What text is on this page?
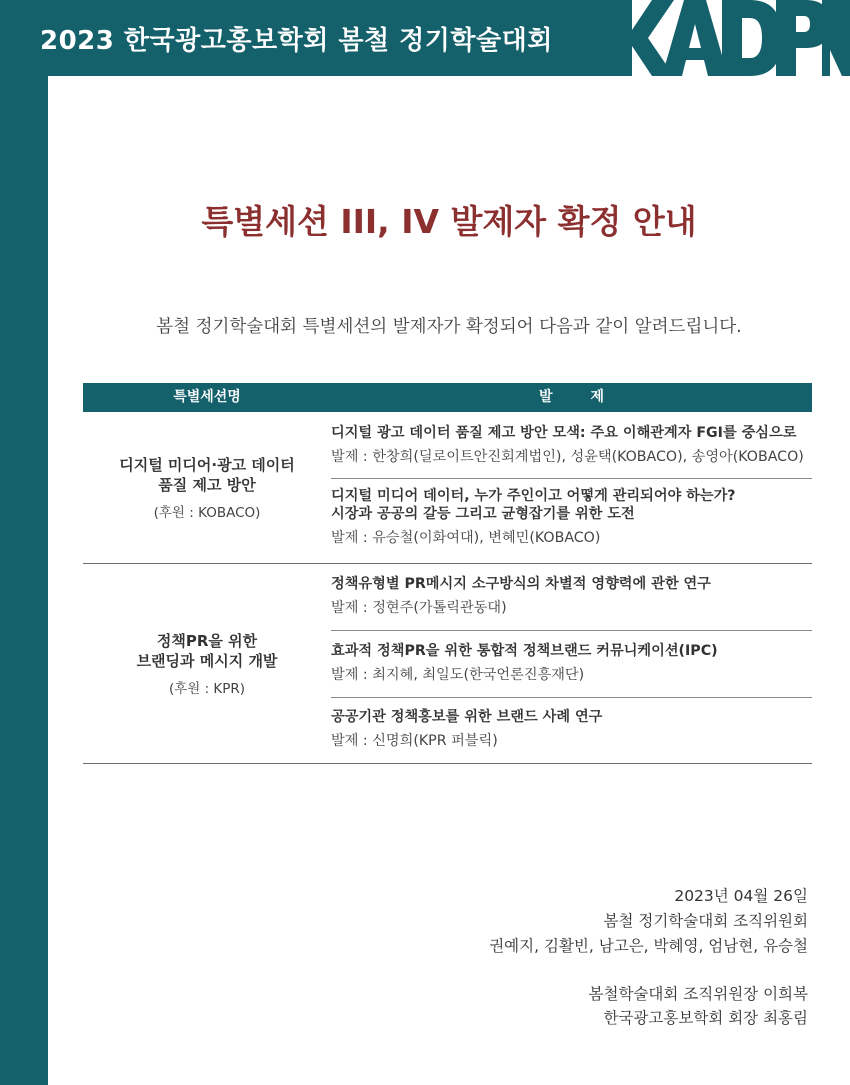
2023 한국광고홍보학회 봄철 정기학술대회
특별세션 III, IV 발제자 확정 안내
봄철 정기학술대회 특별세션의 발제자가 확정되어 다음과 같이 알려드립니다.
특별세션명	발제
디지털 미디어·광고 데이터
품질 제고 방안
(후원 : KOBACO)
디지털 광고 데이터 품질 제고 방안 모색: 주요 이해관계자 FGI를 중심으로
발제 : 한창희(딜로이트안진회계법인), 성윤택(KOBACO), 송영아(KOBACO)
디지털 미디어 데이터, 누가 주인이고 어떻게 관리되어야 하는가?
시장과 공공의 갈등 그리고 균형잡기를 위한 도전
발제 : 유승철(이화여대), 변혜민(KOBACO)
정책PR을 위한
브랜딩과 메시지 개발
(후원 : KPR)
정책유형별 PR메시지 소구방식의 차별적 영향력에 관한 연구
발제 : 정현주(가톨릭관동대)
효과적 정책PR을 위한 통합적 정책브랜드 커뮤니케이션(IPC)
발제 : 최지혜, 최일도(한국언론진흥재단)
공공기관 정책홍보를 위한 브랜드 사례 연구
발제 : 신명희(KPR 퍼블릭)
2023년 04월 26일
봄철 정기학술대회 조직위원회
권예지, 김활빈, 남고은, 박혜영, 엄남현, 유승철
봄철학술대회 조직위원장 이희복
한국광고홍보학회 회장 최홍림
